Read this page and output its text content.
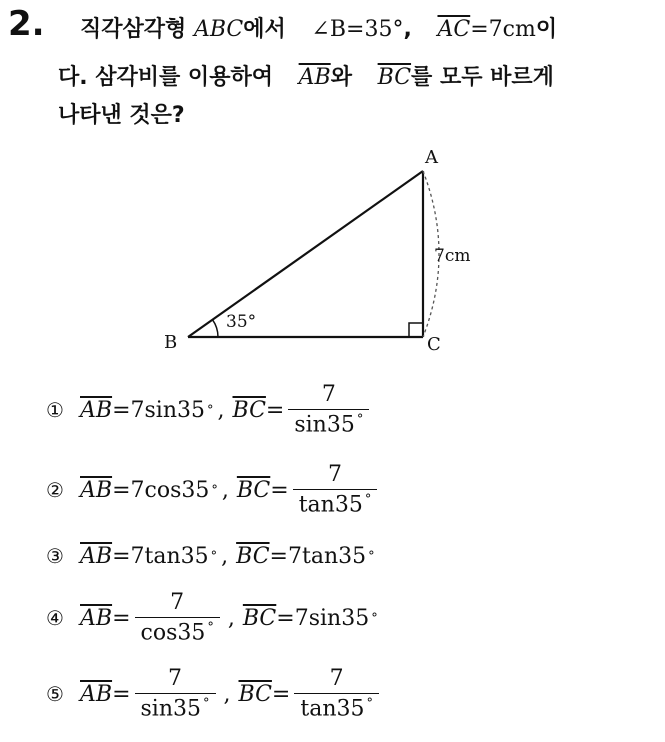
2. 직각삼각형 ABC에서 ∠B=35°, $\overline{AC}=7cm$이
다. 삼각비를 이용하여 $\overline{AB}$와 $\overline{BC}$를 모두 바르게
나타낸 것은?
A
B	C
35°
7cm
① $\overline{AB} = 7\sin 35$ ° , $\overline{BC} = \frac{7}{\sin 35 ^\circ}$
② $\overline{AB} = 7\cos 35$ ° , $\overline{BC} = \frac{7}{\tan 35 ^\circ}$
③ $\overline{AB} = 7\tan 35$ ° , $\overline{BC} = 7\tan 35$ °
④ $\overline{AB} = \frac{7}{\cos 35 ^\circ}$ , $\overline{BC} = 7\sin 35$ °
⑤ $\overline{AB} = \frac{7}{\sin 35 ^\circ}$ , $\overline{BC} = \frac{7}{\tan 35 ^\circ}$
